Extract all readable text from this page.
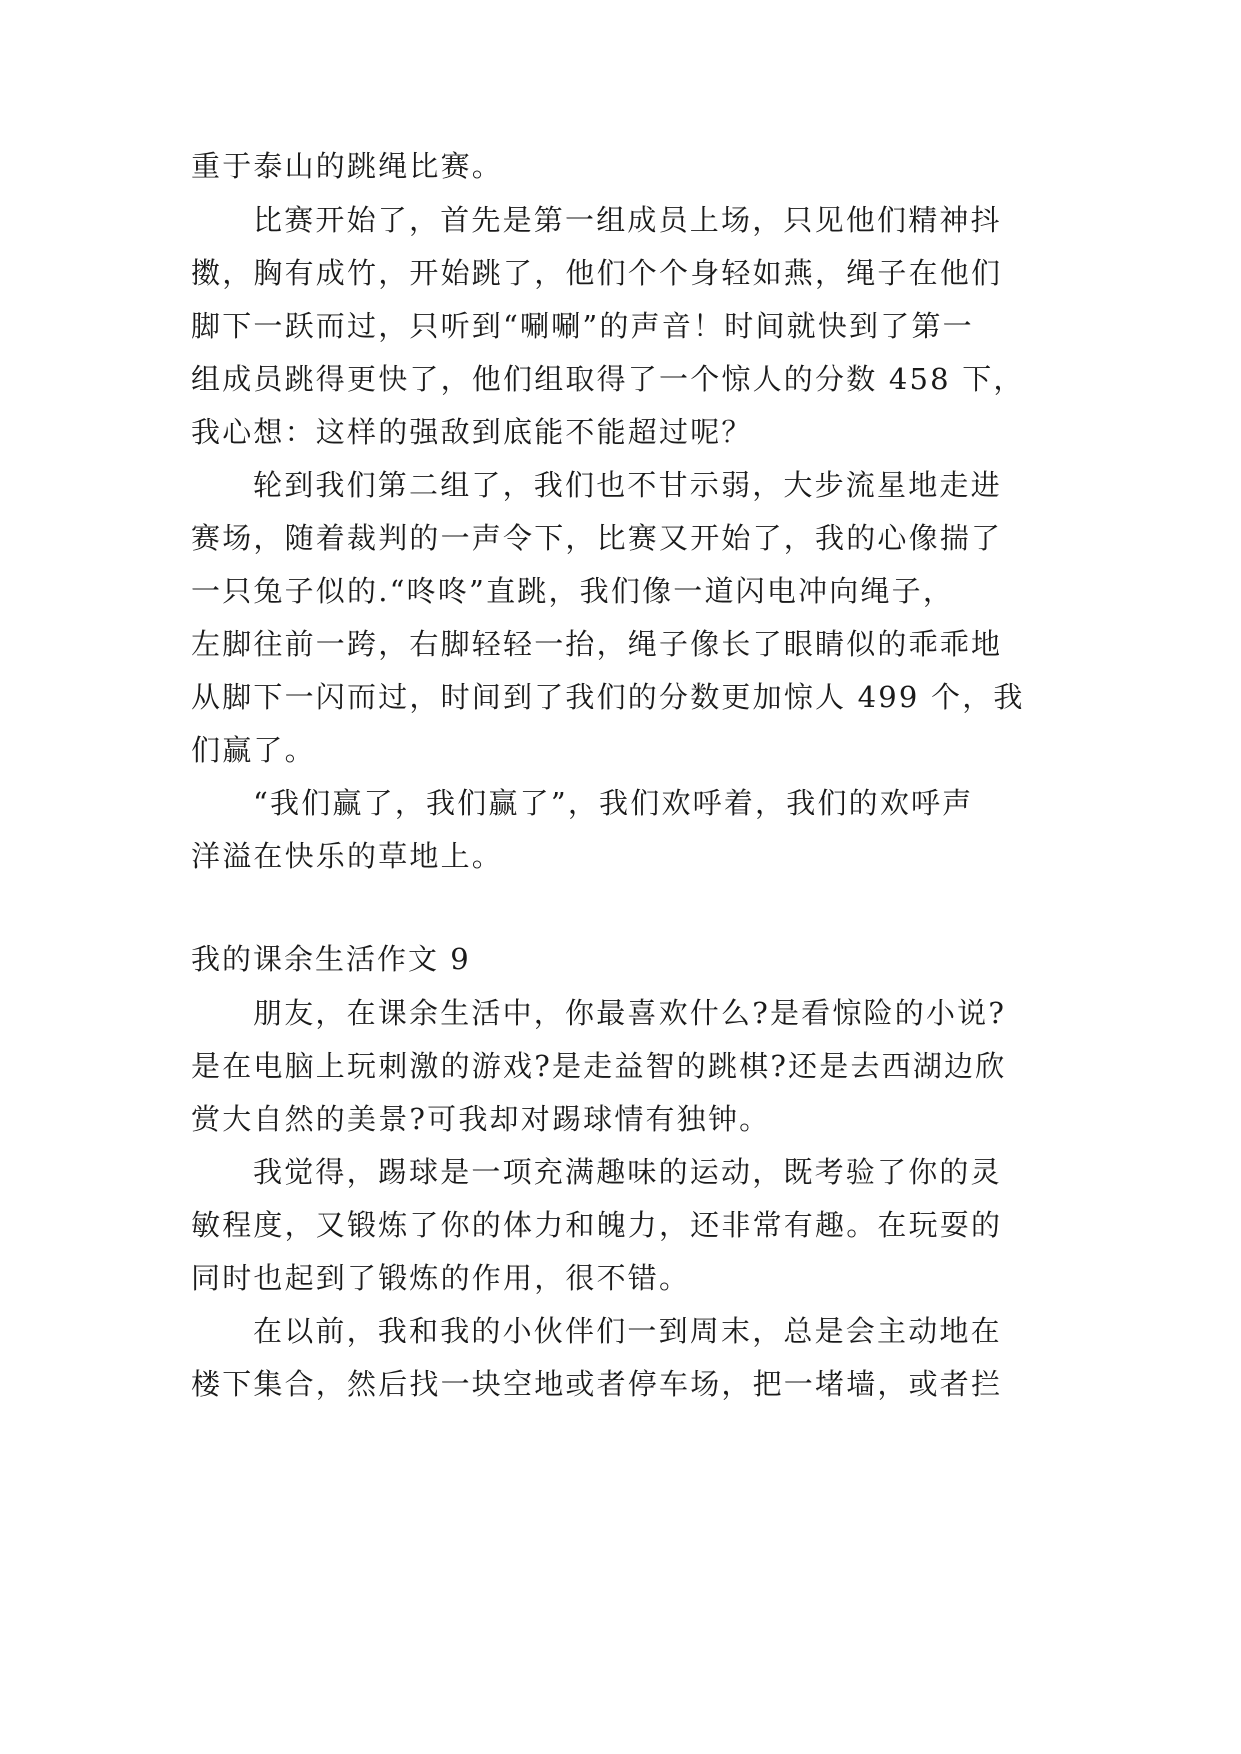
重于泰山的跳绳比赛。
比赛开始了，首先是第一组成员上场，只见他们精神抖
擞，胸有成竹，开始跳了，他们个个身轻如燕，绳子在他们
脚下一跃而过，只听到“唰唰”的声音！时间就快到了第一
组成员跳得更快了，他们组取得了一个惊人的分数 458 下，
我心想：这样的强敌到底能不能超过呢？
轮到我们第二组了，我们也不甘示弱，大步流星地走进
赛场，随着裁判的一声令下，比赛又开始了，我的心像揣了
一只兔子似的.“咚咚”直跳，我们像一道闪电冲向绳子，
左脚往前一跨，右脚轻轻一抬，绳子像长了眼睛似的乖乖地
从脚下一闪而过，时间到了我们的分数更加惊人 499 个，我
们赢了。
“我们赢了，我们赢了”，我们欢呼着，我们的欢呼声
洋溢在快乐的草地上。
我的课余生活作文 9
朋友，在课余生活中，你最喜欢什么?是看惊险的小说?
是在电脑上玩刺激的游戏?是走益智的跳棋?还是去西湖边欣
赏大自然的美景?可我却对踢球情有独钟。
我觉得，踢球是一项充满趣味的运动，既考验了你的灵
敏程度，又锻炼了你的体力和魄力，还非常有趣。在玩耍的
同时也起到了锻炼的作用，很不错。
在以前，我和我的小伙伴们一到周末，总是会主动地在
楼下集合，然后找一块空地或者停车场，把一堵墙，或者拦
